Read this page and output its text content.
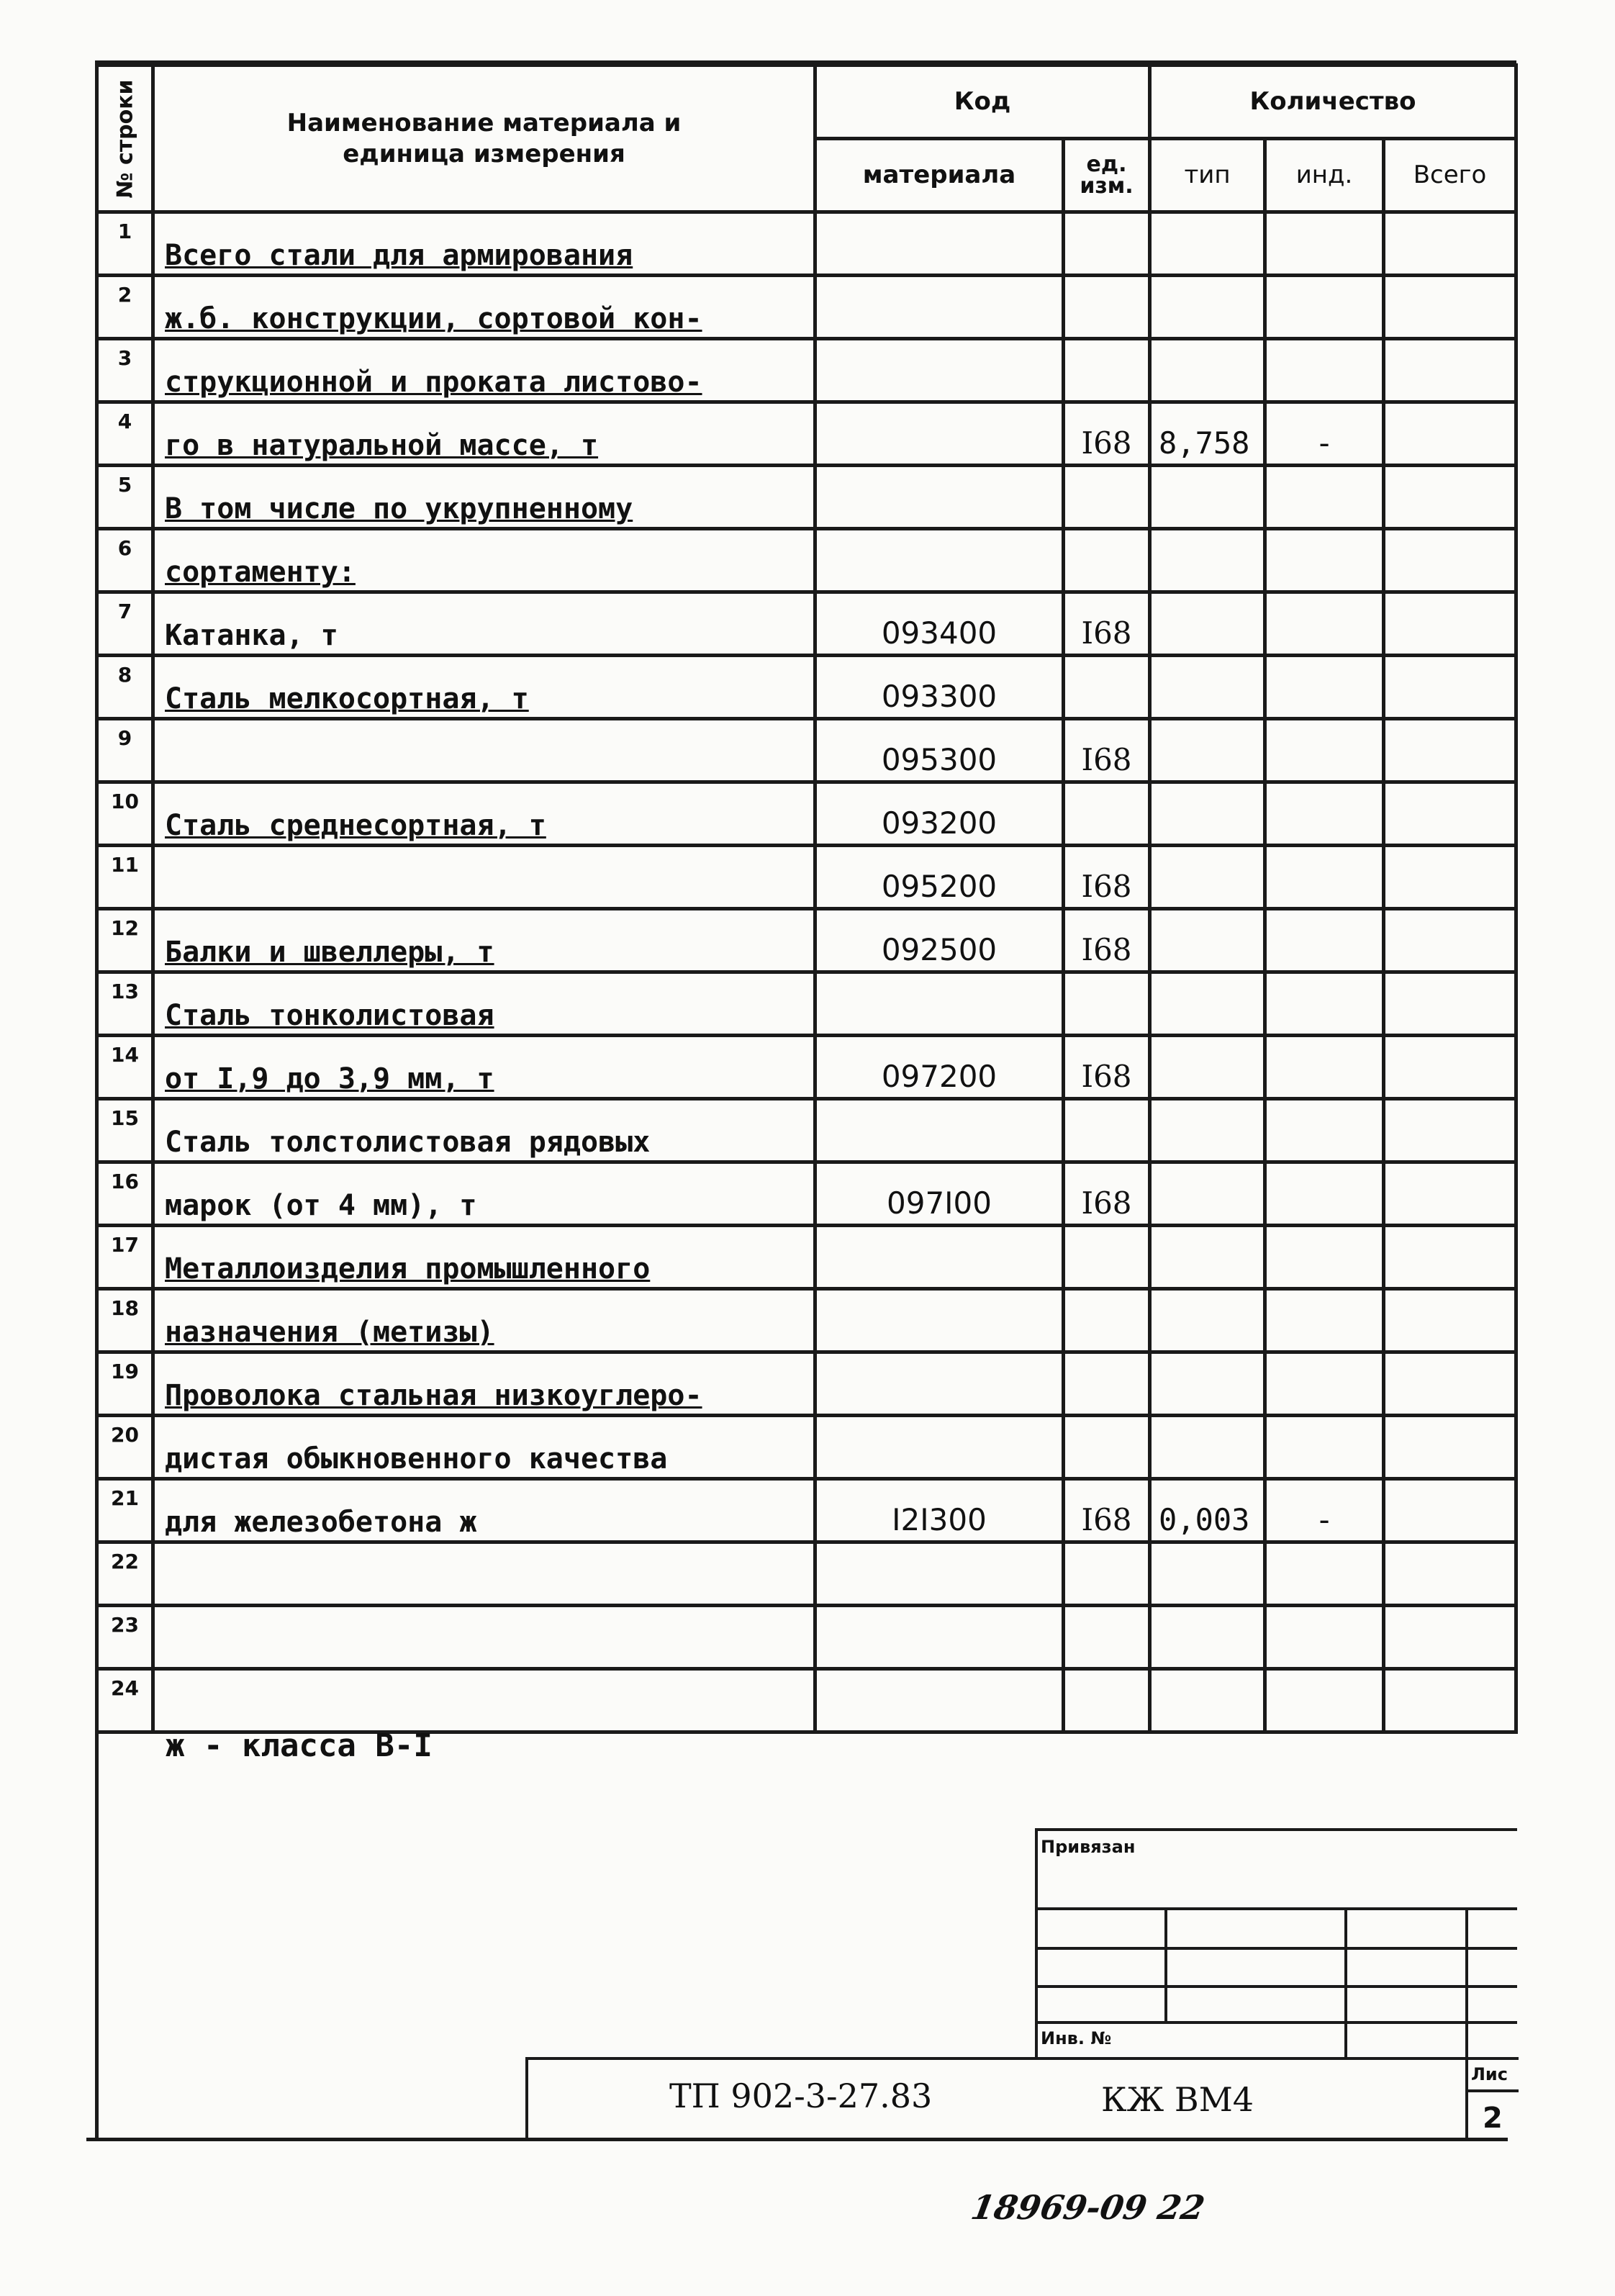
№ строки	Наименование материала и единица измерения	Код		Количество		
		материала	ед. изм.	тип	инд.	Всего
1	Всего стали для армирования					
2	ж.б. конструкции, сортовой кон-					
3	струкционной и проката листово-					
4	го в натуральной массе, т		I68	8,758	-	
5	В том числе по укрупненному					
6	сортаменту:					
7	Катанка, т	093400	I68			
8	Сталь мелкосортная, т	093300				
9		095300	I68			
10	Сталь среднесортная, т	093200				
11		095200	I68			
12	Балки и швеллеры, т	092500	I68			
13	Сталь тонколистовая					
14	от I,9 до 3,9 мм, т	097200	I68			
15	Сталь толстолистовая рядовых					
16	марок (от 4 мм), т	097I00	I68			
17	Металлоизделия промышленного					
18	назначения (метизы)					
19	Проволока стальная низкоуглеро-					
20	дистая обыкновенного качества					
21	для железобетона ж	I2I300	I68	0,003	-	
22						
23						
24						
ж - класса B-I
Привязан
Инв. №
ТП 902-3-27.83	КЖ ВМ4
Лис
2
18969-09 22
